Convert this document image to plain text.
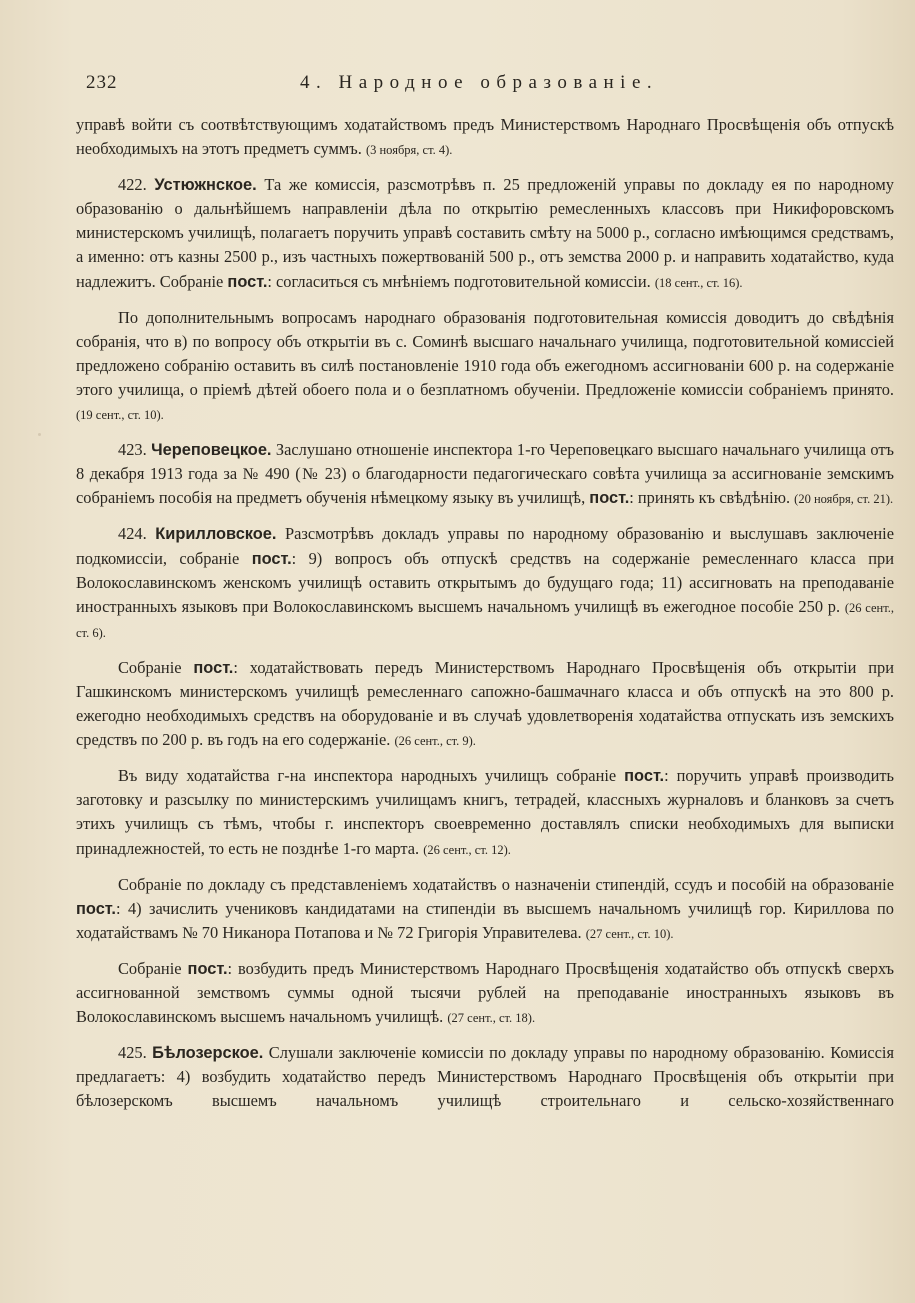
232	4. Народное образованіе.

управѣ войти съ соотвѣтствующимъ ходатайствомъ предъ Министерствомъ Народнаго Просвѣщенія объ отпускѣ необходимыхъ на этотъ предметъ суммъ. (3 ноября, ст. 4).

422. Устюжнское. Та же комиссія, разсмотрѣвъ п. 25 предложеній управы по докладу ея по народному образованію о дальнѣйшемъ направленіи дѣла по открытію ремесленныхъ классовъ при Никифоровскомъ министерскомъ училищѣ, полагаетъ поручить управѣ составить смѣту на 5000 р., согласно имѣющимся средствамъ, а именно: отъ казны 2500 р., изъ частныхъ пожертвованій 500 р., отъ земства 2000 р. и направить ходатайство, куда надлежитъ. Собраніе пост.: согласиться съ мнѣніемъ подготовительной комиссіи. (18 сент., ст. 16).

По дополнительнымъ вопросамъ народнаго образованія подготовительная комиссія доводитъ до свѣдѣнія собранія, что в) по вопросу объ открытіи въ с. Соминѣ высшаго начальнаго училища, подготовительной комиссіей предложено собранію оставить въ силѣ постановленіе 1910 года объ ежегодномъ ассигнованіи 600 р. на содержаніе этого училища, о пріемѣ дѣтей обоего пола и о безплатномъ обученіи. Предложеніе комиссіи собраніемъ принято. (19 сент., ст. 10).

423. Череповецкое. Заслушано отношеніе инспектора 1-го Череповецкаго высшаго начальнаго училища отъ 8 декабря 1913 года за № 490 (№ 23) о благодарности педагогическаго совѣта училища за ассигнованіе земскимъ собраніемъ пособія на предметъ обученія нѣмецкому языку въ училищѣ, пост.: принять къ свѣдѣнію. (20 ноября, ст. 21).

424. Кирилловское. Разсмотрѣвъ докладъ управы по народному образованію и выслушавъ заключеніе подкомиссіи, собраніе пост.: 9) вопросъ объ отпускѣ средствъ на содержаніе ремесленнаго класса при Волокославинскомъ женскомъ училищѣ оставить открытымъ до будущаго года; 11) ассигновать на преподаваніе иностранныхъ языковъ при Волокославинскомъ высшемъ начальномъ училищѣ въ ежегодное пособіе 250 р. (26 сент., ст. 6).

Собраніе пост.: ходатайствовать передъ Министерствомъ Народнаго Просвѣщенія объ открытіи при Гашкинскомъ министерскомъ училищѣ ремесленнаго сапожно-башмачнаго класса и объ отпускѣ на это 800 р. ежегодно необходимыхъ средствъ на оборудованіе и въ случаѣ удовлетворенія ходатайства отпускать изъ земскихъ средствъ по 200 р. въ годъ на его содержаніе. (26 сент., ст. 9).

Въ виду ходатайства г-на инспектора народныхъ училищъ собраніе пост.: поручить управѣ производить заготовку и разсылку по министерскимъ училищамъ книгъ, тетрадей, классныхъ журналовъ и бланковъ за счетъ этихъ училищъ съ тѣмъ, чтобы г. инспекторъ своевременно доставлялъ списки необходимыхъ для выписки принадлежностей, то есть не позднѣе 1-го марта. (26 сент., ст. 12).

Собраніе по докладу съ представленіемъ ходатайствъ о назначеніи стипендій, ссудъ и пособій на образованіе пост.: 4) зачислить учениковъ кандидатами на стипендіи въ высшемъ начальномъ училищѣ гор. Кириллова по ходатайствамъ № 70 Никанора Потапова и № 72 Григорія Управителева. (27 сент., ст. 10).

Собраніе пост.: возбудить предъ Министерствомъ Народнаго Просвѣщенія ходатайство объ отпускѣ сверхъ ассигнованной земствомъ суммы одной тысячи рублей на преподаваніе иностранныхъ языковъ въ Волокославинскомъ высшемъ начальномъ училищѣ. (27 сент., ст. 18).

425. Бѣлозерское. Слушали заключеніе комиссіи по докладу управы по народному образованію. Комиссія предлагаетъ: 4) возбудить ходатайство передъ Министерствомъ Народнаго Просвѣщенія объ открытіи при бѣлозерскомъ высшемъ начальномъ училищѣ строительнаго и сельско-хозяйственнаго
